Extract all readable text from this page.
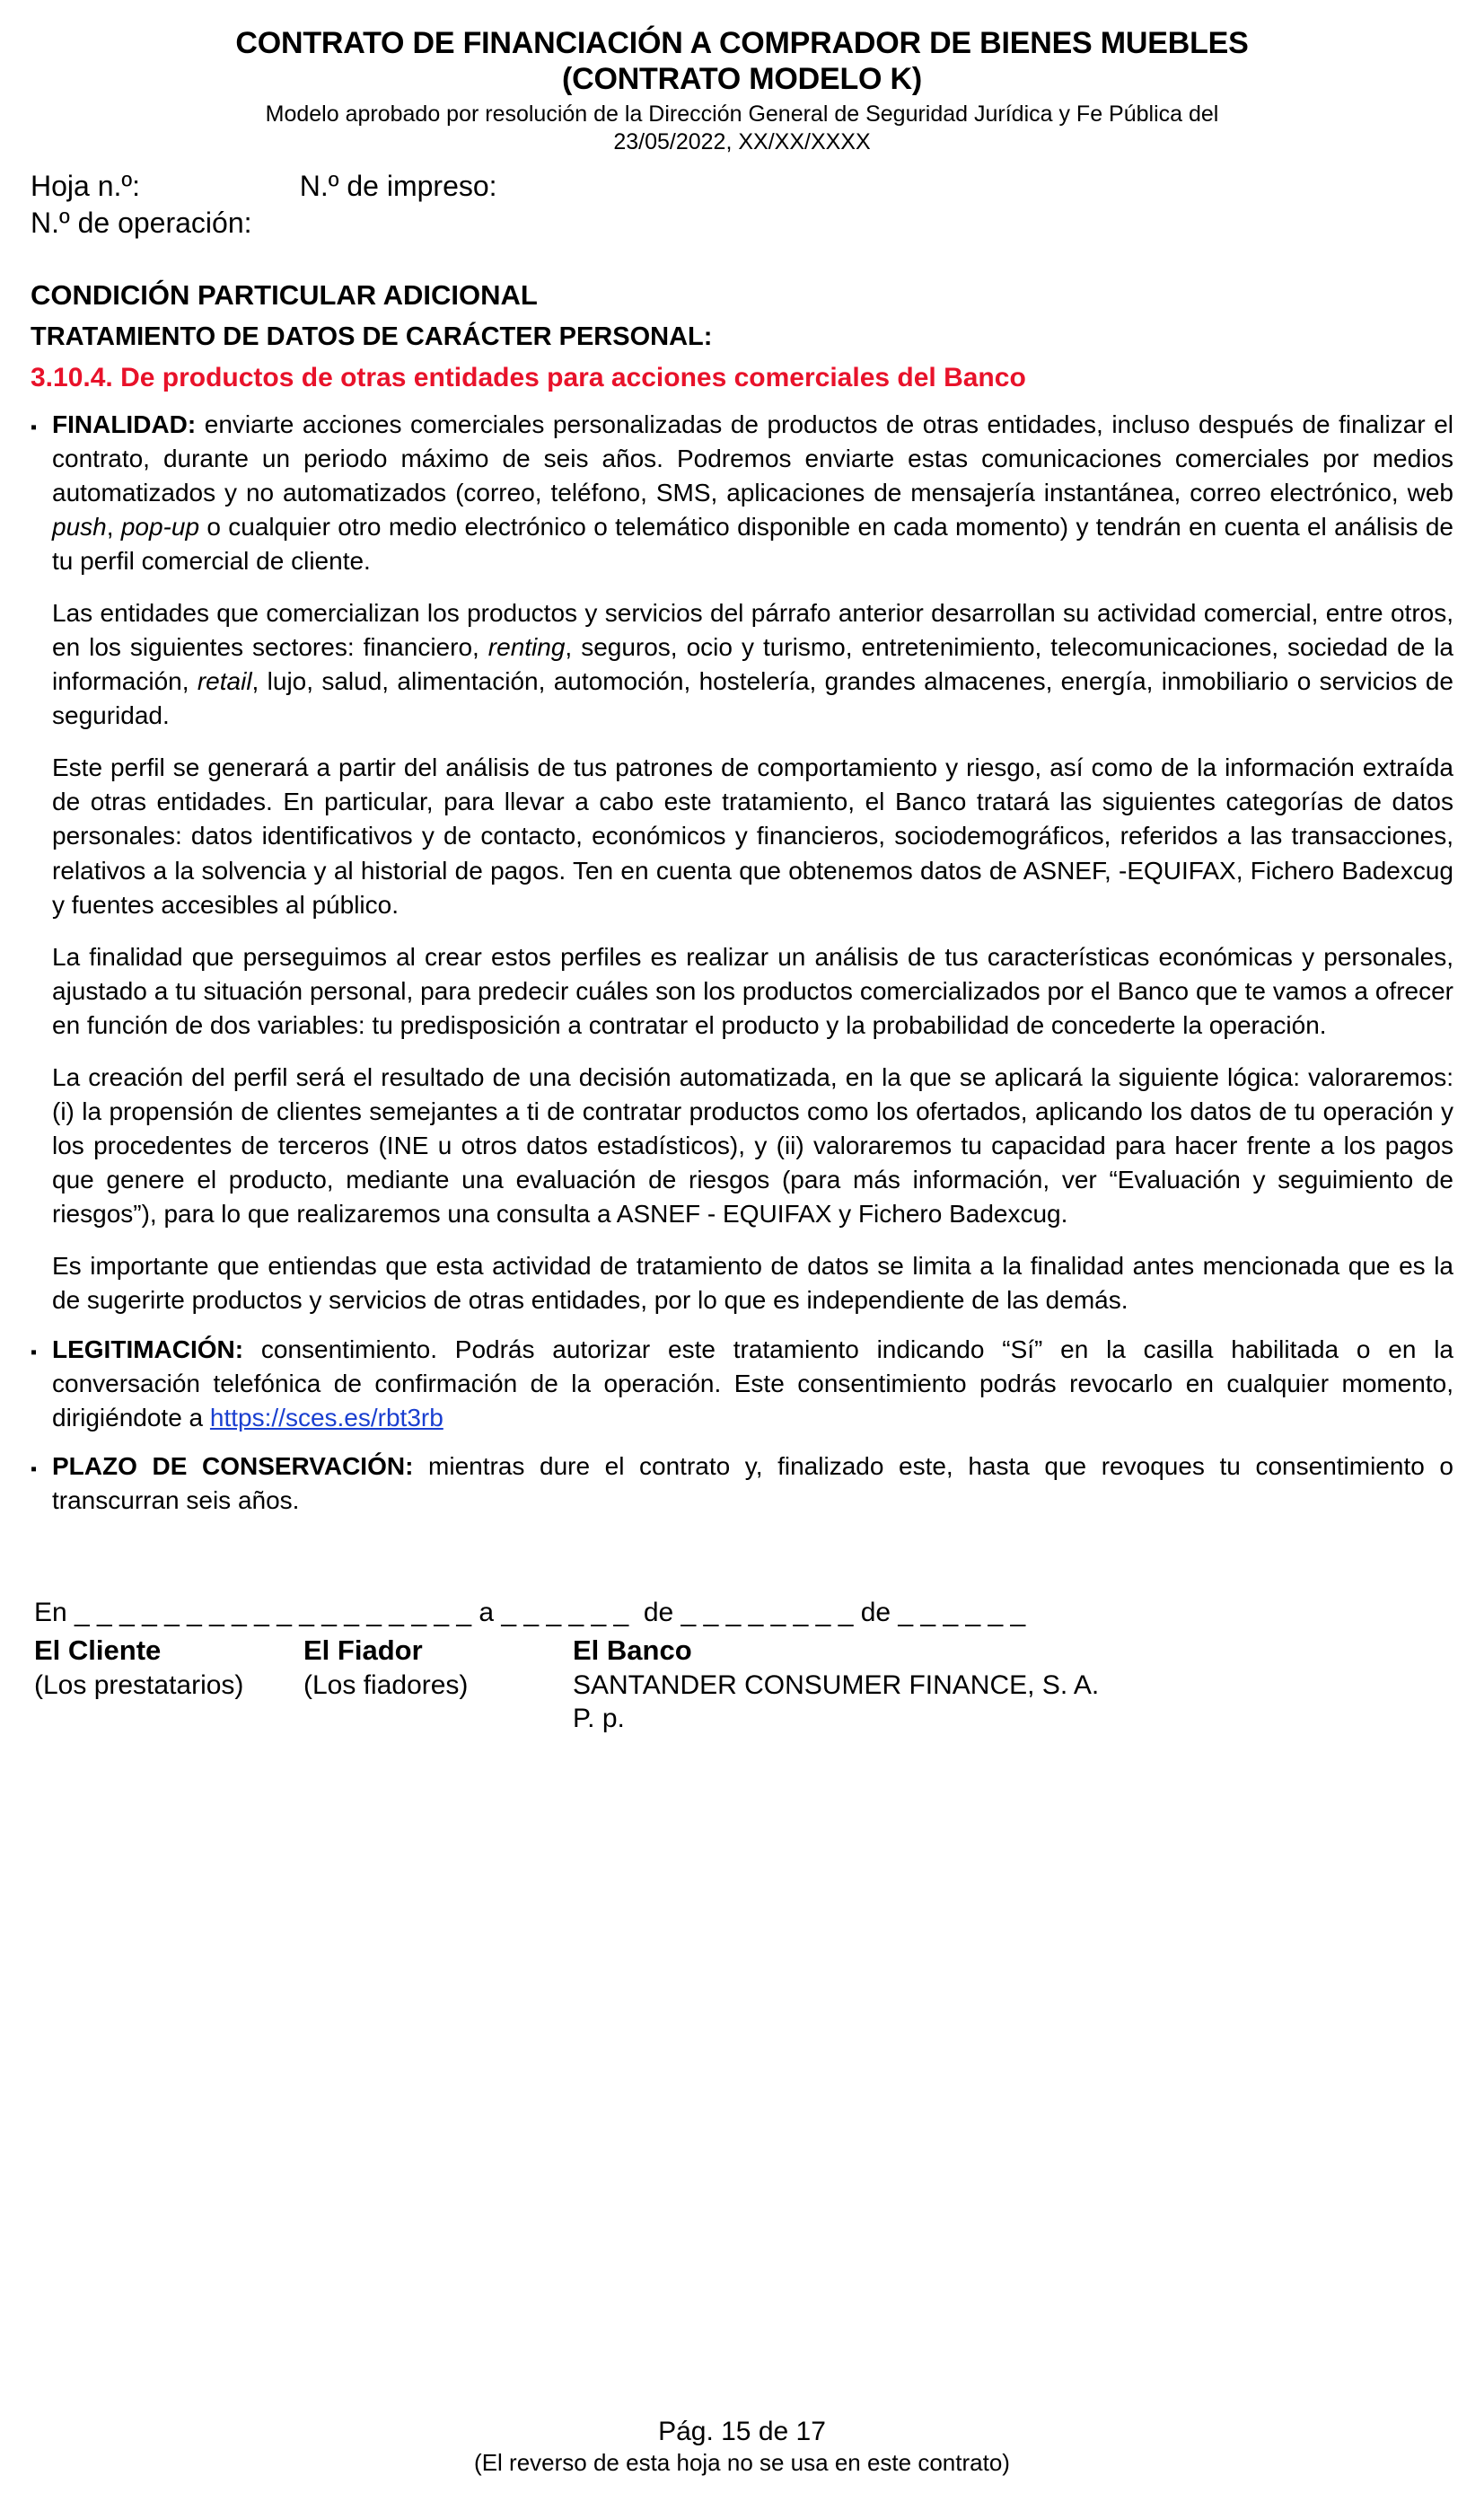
CONTRATO DE FINANCIACIÓN A COMPRADOR DE BIENES MUEBLES
(CONTRATO MODELO K)
Modelo aprobado por resolución de la Dirección General de Seguridad Jurídica y Fe Pública del
23/05/2022, XX/XX/XXXX
Hoja n.º:                    N.º de impreso:
N.º de operación:
CONDICIÓN PARTICULAR ADICIONAL
TRATAMIENTO DE DATOS DE CARÁCTER PERSONAL:
3.10.4. De productos de otras entidades para acciones comerciales del Banco
▪ FINALIDAD: enviarte acciones comerciales personalizadas de productos de otras entidades, incluso después de finalizar el contrato, durante un periodo máximo de seis años. Podremos enviarte estas comunicaciones comerciales por medios automatizados y no automatizados (correo, teléfono, SMS, aplicaciones de mensajería instantánea, correo electrónico, web push, pop-up o cualquier otro medio electrónico o telemático disponible en cada momento) y tendrán en cuenta el análisis de tu perfil comercial de cliente.
Las entidades que comercializan los productos y servicios del párrafo anterior desarrollan su actividad comercial, entre otros, en los siguientes sectores: financiero, renting, seguros, ocio y turismo, entretenimiento, telecomunicaciones, sociedad de la información, retail, lujo, salud, alimentación, automoción, hostelería, grandes almacenes, energía, inmobiliario o servicios de seguridad.
Este perfil se generará a partir del análisis de tus patrones de comportamiento y riesgo, así como de la información extraída de otras entidades. En particular, para llevar a cabo este tratamiento, el Banco tratará las siguientes categorías de datos personales: datos identificativos y de contacto, económicos y financieros, sociodemográficos, referidos a las transacciones, relativos a la solvencia y al historial de pagos. Ten en cuenta que obtenemos datos de ASNEF, -EQUIFAX, Fichero Badexcug y fuentes accesibles al público.
La finalidad que perseguimos al crear estos perfiles es realizar un análisis de tus características económicas y personales, ajustado a tu situación personal, para predecir cuáles son los productos comercializados por el Banco que te vamos a ofrecer en función de dos variables: tu predisposición a contratar el producto y la probabilidad de concederte la operación.
La creación del perfil será el resultado de una decisión automatizada, en la que se aplicará la siguiente lógica: valoraremos: (i) la propensión de clientes semejantes a ti de contratar productos como los ofertados, aplicando los datos de tu operación y los procedentes de terceros (INE u otros datos estadísticos), y (ii) valoraremos tu capacidad para hacer frente a los pagos que genere el producto, mediante una evaluación de riesgos (para más información, ver “Evaluación y seguimiento de riesgos”), para lo que realizaremos una consulta a ASNEF - EQUIFAX y Fichero Badexcug.
Es importante que entiendas que esta actividad de tratamiento de datos se limita a la finalidad antes mencionada que es la de sugerirte productos y servicios de otras entidades, por lo que es independiente de las demás.
▪ LEGITIMACIÓN: consentimiento. Podrás autorizar este tratamiento indicando “Sí” en la casilla habilitada o en la conversación telefónica de confirmación de la operación. Este consentimiento podrás revocarlo en cualquier momento, dirigiéndote a https://sces.es/rbt3rb
▪ PLAZO DE CONSERVACIÓN: mientras dure el contrato y, finalizado este, hasta que revoques tu consentimiento o transcurran seis años.
En _ _ _ _ _ _ _ _ _ _ _ _ _ _ _ _ _ _ a _ _ _ _ _ _  de _ _ _ _ _ _ _ _ de _ _ _ _ _ _
El Cliente
(Los prestatarios)
El Fiador
(Los fiadores)
El Banco
SANTANDER CONSUMER FINANCE, S. A.
P. p.
Pág. 15 de 17
(El reverso de esta hoja no se usa en este contrato)
